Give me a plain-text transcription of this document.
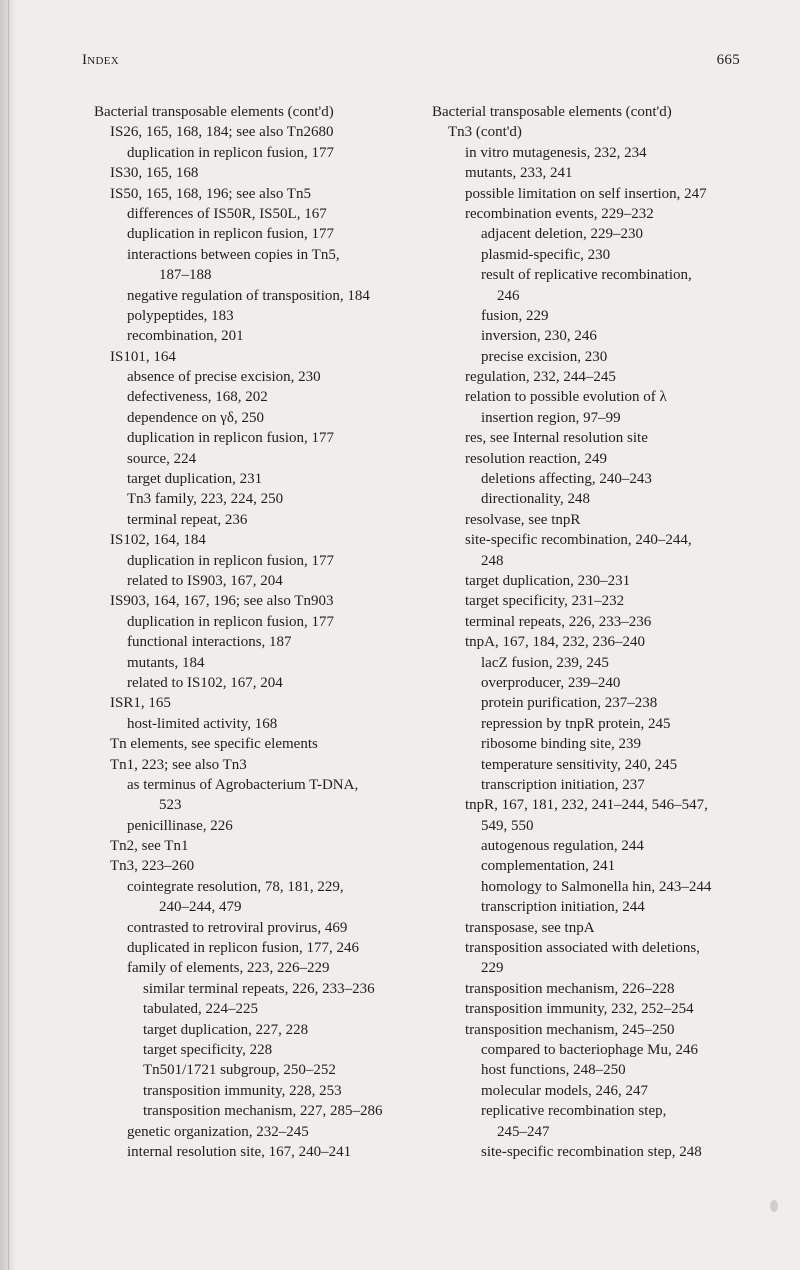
Index	665
Bacterial transposable elements (cont'd)
IS26, 165, 168, 184; see also Tn2680
duplication in replicon fusion, 177
IS30, 165, 168
IS50, 165, 168, 196; see also Tn5
differences of IS50R, IS50L, 167
duplication in replicon fusion, 177
interactions between copies in Tn5,
187–188
negative regulation of transposition, 184
polypeptides, 183
recombination, 201
IS101, 164
absence of precise excision, 230
defectiveness, 168, 202
dependence on γδ, 250
duplication in replicon fusion, 177
source, 224
target duplication, 231
Tn3 family, 223, 224, 250
terminal repeat, 236
IS102, 164, 184
duplication in replicon fusion, 177
related to IS903, 167, 204
IS903, 164, 167, 196; see also Tn903
duplication in replicon fusion, 177
functional interactions, 187
mutants, 184
related to IS102, 167, 204
ISR1, 165
host-limited activity, 168
Tn elements, see specific elements
Tn1, 223; see also Tn3
as terminus of Agrobacterium T-DNA,
523
penicillinase, 226
Tn2, see Tn1
Tn3, 223–260
cointegrate resolution, 78, 181, 229,
240–244, 479
contrasted to retroviral provirus, 469
duplicated in replicon fusion, 177, 246
family of elements, 223, 226–229
similar terminal repeats, 226, 233–236
tabulated, 224–225
target duplication, 227, 228
target specificity, 228
Tn501/1721 subgroup, 250–252
transposition immunity, 228, 253
transposition mechanism, 227, 285–286
genetic organization, 232–245
internal resolution site, 167, 240–241
Bacterial transposable elements (cont'd)
Tn3 (cont'd)
in vitro mutagenesis, 232, 234
mutants, 233, 241
possible limitation on self insertion, 247
recombination events, 229–232
adjacent deletion, 229–230
plasmid-specific, 230
result of replicative recombination,
246
fusion, 229
inversion, 230, 246
precise excision, 230
regulation, 232, 244–245
relation to possible evolution of λ
insertion region, 97–99
res, see Internal resolution site
resolution reaction, 249
deletions affecting, 240–243
directionality, 248
resolvase, see tnpR
site-specific recombination, 240–244,
248
target duplication, 230–231
target specificity, 231–232
terminal repeats, 226, 233–236
tnpA, 167, 184, 232, 236–240
lacZ fusion, 239, 245
overproducer, 239–240
protein purification, 237–238
repression by tnpR protein, 245
ribosome binding site, 239
temperature sensitivity, 240, 245
transcription initiation, 237
tnpR, 167, 181, 232, 241–244, 546–547,
549, 550
autogenous regulation, 244
complementation, 241
homology to Salmonella hin, 243–244
transcription initiation, 244
transposase, see tnpA
transposition associated with deletions,
229
transposition mechanism, 226–228
transposition immunity, 232, 252–254
transposition mechanism, 245–250
compared to bacteriophage Mu, 246
host functions, 248–250
molecular models, 246, 247
replicative recombination step,
245–247
site-specific recombination step, 248
